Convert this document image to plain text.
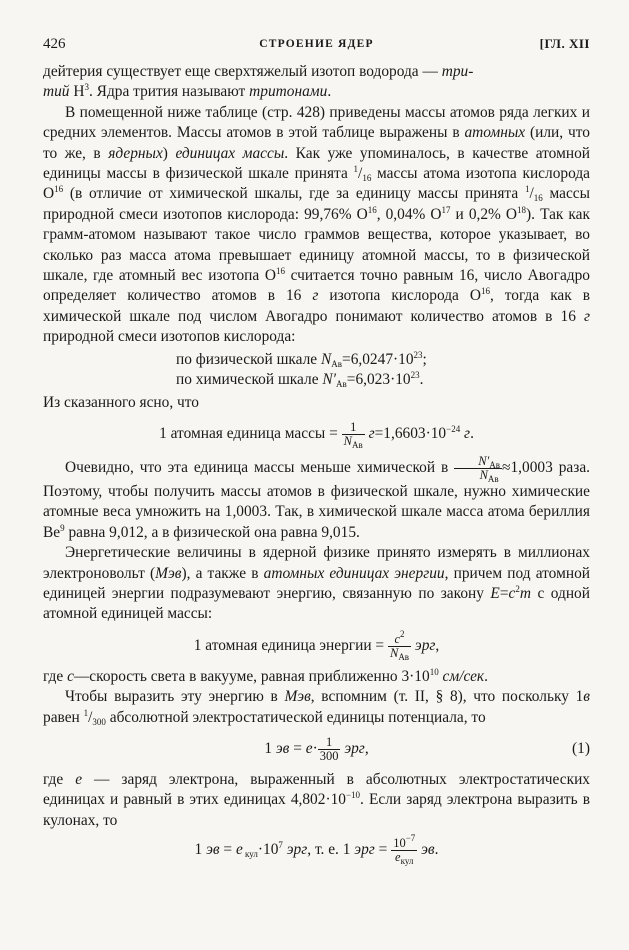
426	СТРОЕНИЕ ЯДЕР	[ГЛ. XII

дейтерия существует еще сверхтяжелый изотоп водорода — три-
тий $H^3$. Ядра трития называют тритонами.

В помещенной ниже таблице (стр. 428) приведены массы атомов ряда легких и средних элементов. Массы атомов в этой таблице выражены в атомных (или, что то же, в ядерных) единицах массы. Как уже упоминалось, в качестве атомной единицы массы в физической шкале принята $^1/_{16}$ массы атома изотопа кислорода $O^{16}$ (в отличие от химической шкалы, где за единицу массы принята $^1/_{16}$ массы природной смеси изотопов кислорода: 99,76% $O^{16}$, 0,04% $O^{17}$ и 0,2% $O^{18}$). Так как грамм-атомом называют такое число граммов вещества, которое указывает, во сколько раз масса атома превышает единицу атомной массы, то в физической шкале, где атомный вес изотопа $O^{16}$ считается точно равным 16, число Авогадро определяет количество атомов в 16 г изотопа кислорода $O^{16}$, тогда как в химической шкале под числом Авогадро понимают количество атомов в 16 г природной смеси изотопов кислорода:

по физической шкале $N_{Ав}=6,0247\cdot 10^{23}$;
по химической шкале $N'_{Ав}=6,023\cdot 10^{23}$.

Из сказанного ясно, что

1 атомная единица массы = $\frac{1}{N_{Ав}} г=1,6603\cdot 10^{-24}$ г.

Очевидно, что эта единица массы меньше химической в $\frac{N'_{Ав}}{N_{Ав}} \approx 1,0003$ раза. Поэтому, чтобы получить массы атомов в физической шкале, нужно химические атомные веса умножить на 1,0003. Так, в химической шкале масса атома бериллия Be$^9$ равна 9,012, а в физической она равна 9,015.

Энергетические величины в ядерной физике принято измерять в миллионах электроновольт (Мэв), а также в атомных единицах энергии, причем под атомной единицей энергии подразумевают энергию, связанную по закону $E=c^2m$ с одной атомной единицей массы:

1 атомная единица энергии = $\frac{c^2}{N_{Ав}}$ эрг,

где c—скорость света в вакууме, равная приближенно $3\cdot 10^{10}$ см/сек.

Чтобы выразить эту энергию в Мэв, вспомним (т. II, § 8), что поскольку 1в равен $^1/_{300}$ абсолютной электростатической единицы потенциала, то

1 эв = $e\cdot \frac{1}{300}$ эрг,	(1)

где e — заряд электрона, выраженный в абсолютных электростатических единицах и равный в этих единицах $4,802\cdot 10^{-10}$. Если заряд электрона выразить в кулонах, то

1 эв = e $_{кул}\cdot 10^7$ эрг, т. е. 1 эрг = $\frac{10^{-7}}{e_{кул}}$ эв.
